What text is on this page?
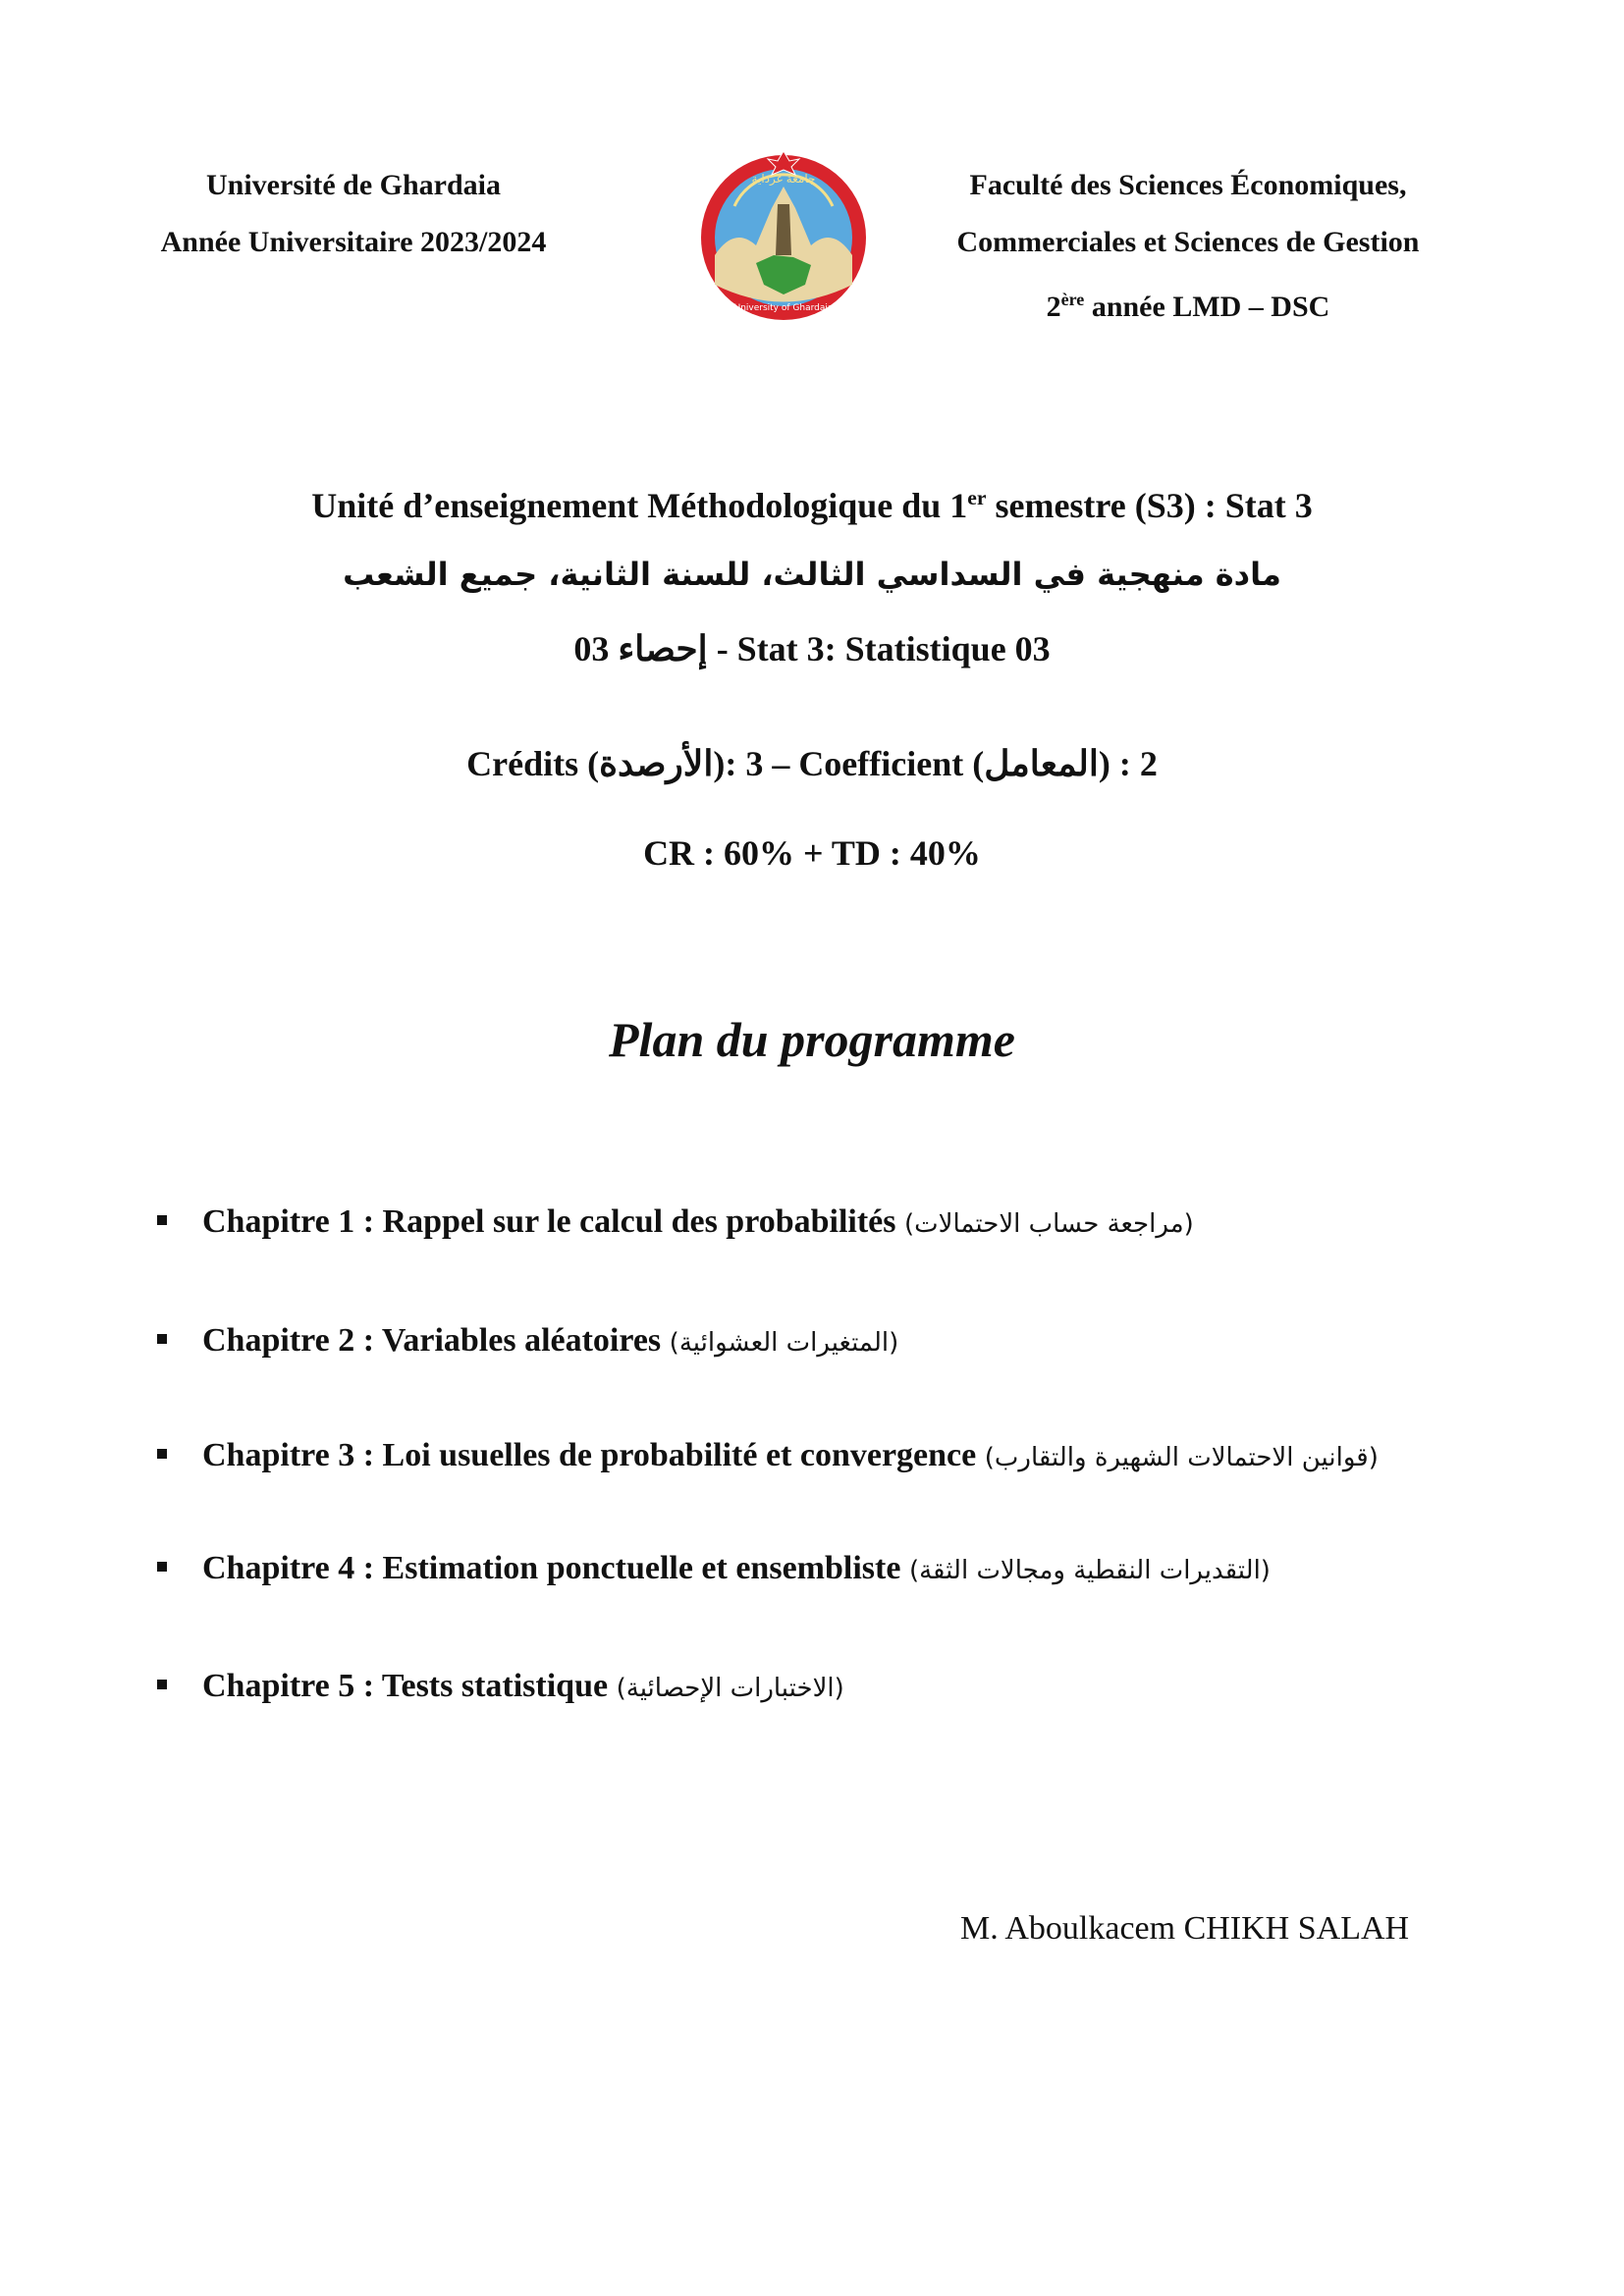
Université de Ghardaia
Année Universitaire 2023/2024
جامعة غرداية
University of Ghardaia
Faculté des Sciences Économiques,
Commerciales et Sciences de Gestion
2ère année LMD – DSC
Unité d’enseignement Méthodologique du 1er semestre (S3) : Stat 3
مادة منهجية في السداسي الثالث، للسنة الثانية، جميع الشعب
03 إحصاء - Stat 3: Statistique 03
Crédits (الأرصدة): 3 – Coefficient (المعامل) : 2
CR : 60% + TD : 40%
Plan du programme
Chapitre 1 : Rappel sur le calcul des probabilités (مراجعة حساب الاحتمالات)
Chapitre 2 : Variables aléatoires (المتغيرات العشوائية)
Chapitre 3 : Loi usuelles de probabilité et convergence (قوانين الاحتمالات الشهيرة والتقارب)
Chapitre 4 : Estimation ponctuelle et ensembliste (التقديرات النقطية ومجالات الثقة)
Chapitre 5 : Tests statistique (الاختبارات الإحصائية)
M. Aboulkacem CHIKH SALAH
